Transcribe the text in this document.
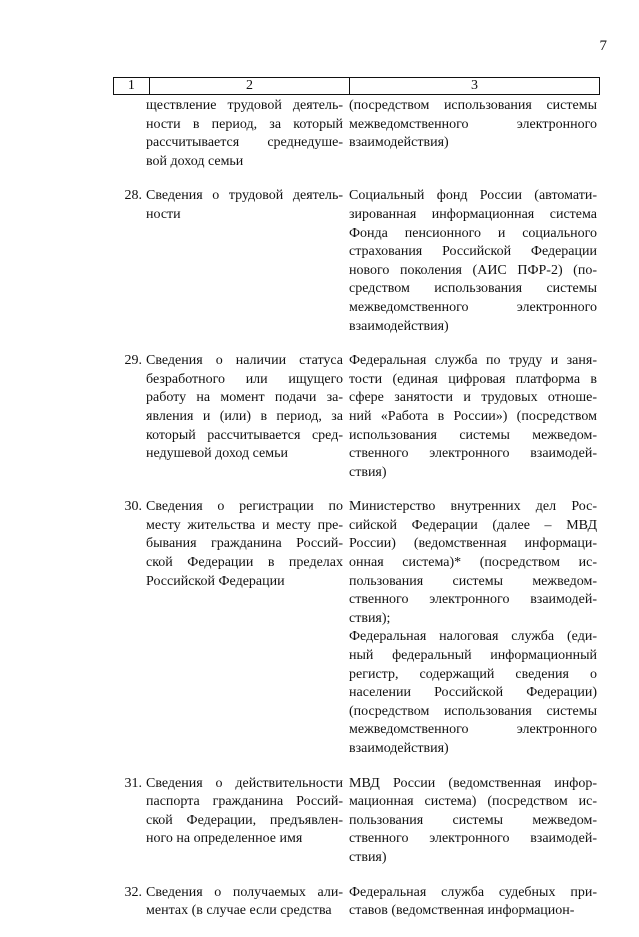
7
1	2	3
ществление трудовой деятель-
ности в период, за который
рассчитывается среднедуше-
вой доход семьи
(посредством использования системы
межведомственного электронного
взаимодействия)
28. Сведения о трудовой деятель-
ности
Социальный фонд России (автомати-
зированная информационная система
Фонда пенсионного и социального
страхования Российской Федерации
нового поколения (АИС ПФР-2) (по-
средством использования системы
межведомственного электронного
взаимодействия)
29. Сведения о наличии статуса
безработного или ищущего
работу на момент подачи за-
явления и (или) в период, за
который рассчитывается сред-
недушевой доход семьи
Федеральная служба по труду и заня-
тости (единая цифровая платформа в
сфере занятости и трудовых отноше-
ний «Работа в России») (посредством
использования системы межведом-
ственного электронного взаимодей-
ствия)
30. Сведения о регистрации по
месту жительства и месту пре-
бывания гражданина Россий-
ской Федерации в пределах
Российской Федерации
Министерство внутренних дел Рос-
сийской Федерации (далее – МВД
России) (ведомственная информаци-
онная система)* (посредством ис-
пользования системы межведом-
ственного электронного взаимодей-
ствия);
Федеральная налоговая служба (еди-
ный федеральный информационный
регистр, содержащий сведения о
населении Российской Федерации)
(посредством использования системы
межведомственного электронного
взаимодействия)
31. Сведения о действительности
паспорта гражданина Россий-
ской Федерации, предъявлен-
ного на определенное имя
МВД России (ведомственная инфор-
мационная система) (посредством ис-
пользования системы межведом-
ственного электронного взаимодей-
ствия)
32. Сведения о получаемых али-
ментах (в случае если средства
Федеральная служба судебных при-
ставов (ведомственная информацион-
